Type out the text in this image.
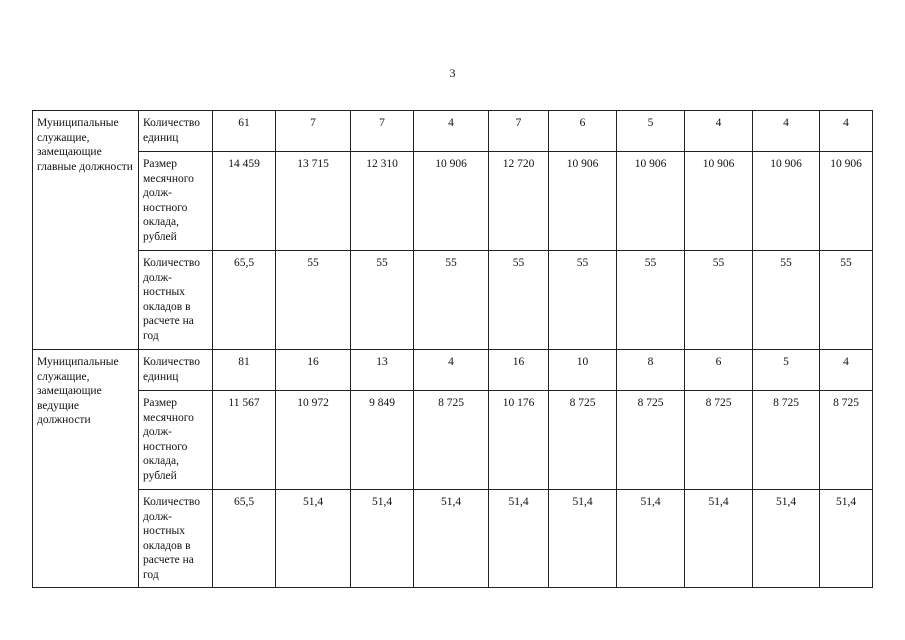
3
Муниципальные служащие, замещающие главные должности	Количество единиц	61	7	7	4	7	6	5	4	4	4
	Размер месячного долж-ностного оклада, рублей	14 459	13 715	12 310	10 906	12 720	10 906	10 906	10 906	10 906	10 906
	Количество долж-ностных окладов в расчете на год	65,5	55	55	55	55	55	55	55	55	55
Муниципальные служащие, замещающие ведущие должности	Количество единиц	81	16	13	4	16	10	8	6	5	4
	Размер месячного долж-ностного оклада, рублей	11 567	10 972	9 849	8 725	10 176	8 725	8 725	8 725	8 725	8 725
	Количество долж-ностных окладов в расчете на год	65,5	51,4	51,4	51,4	51,4	51,4	51,4	51,4	51,4	51,4
